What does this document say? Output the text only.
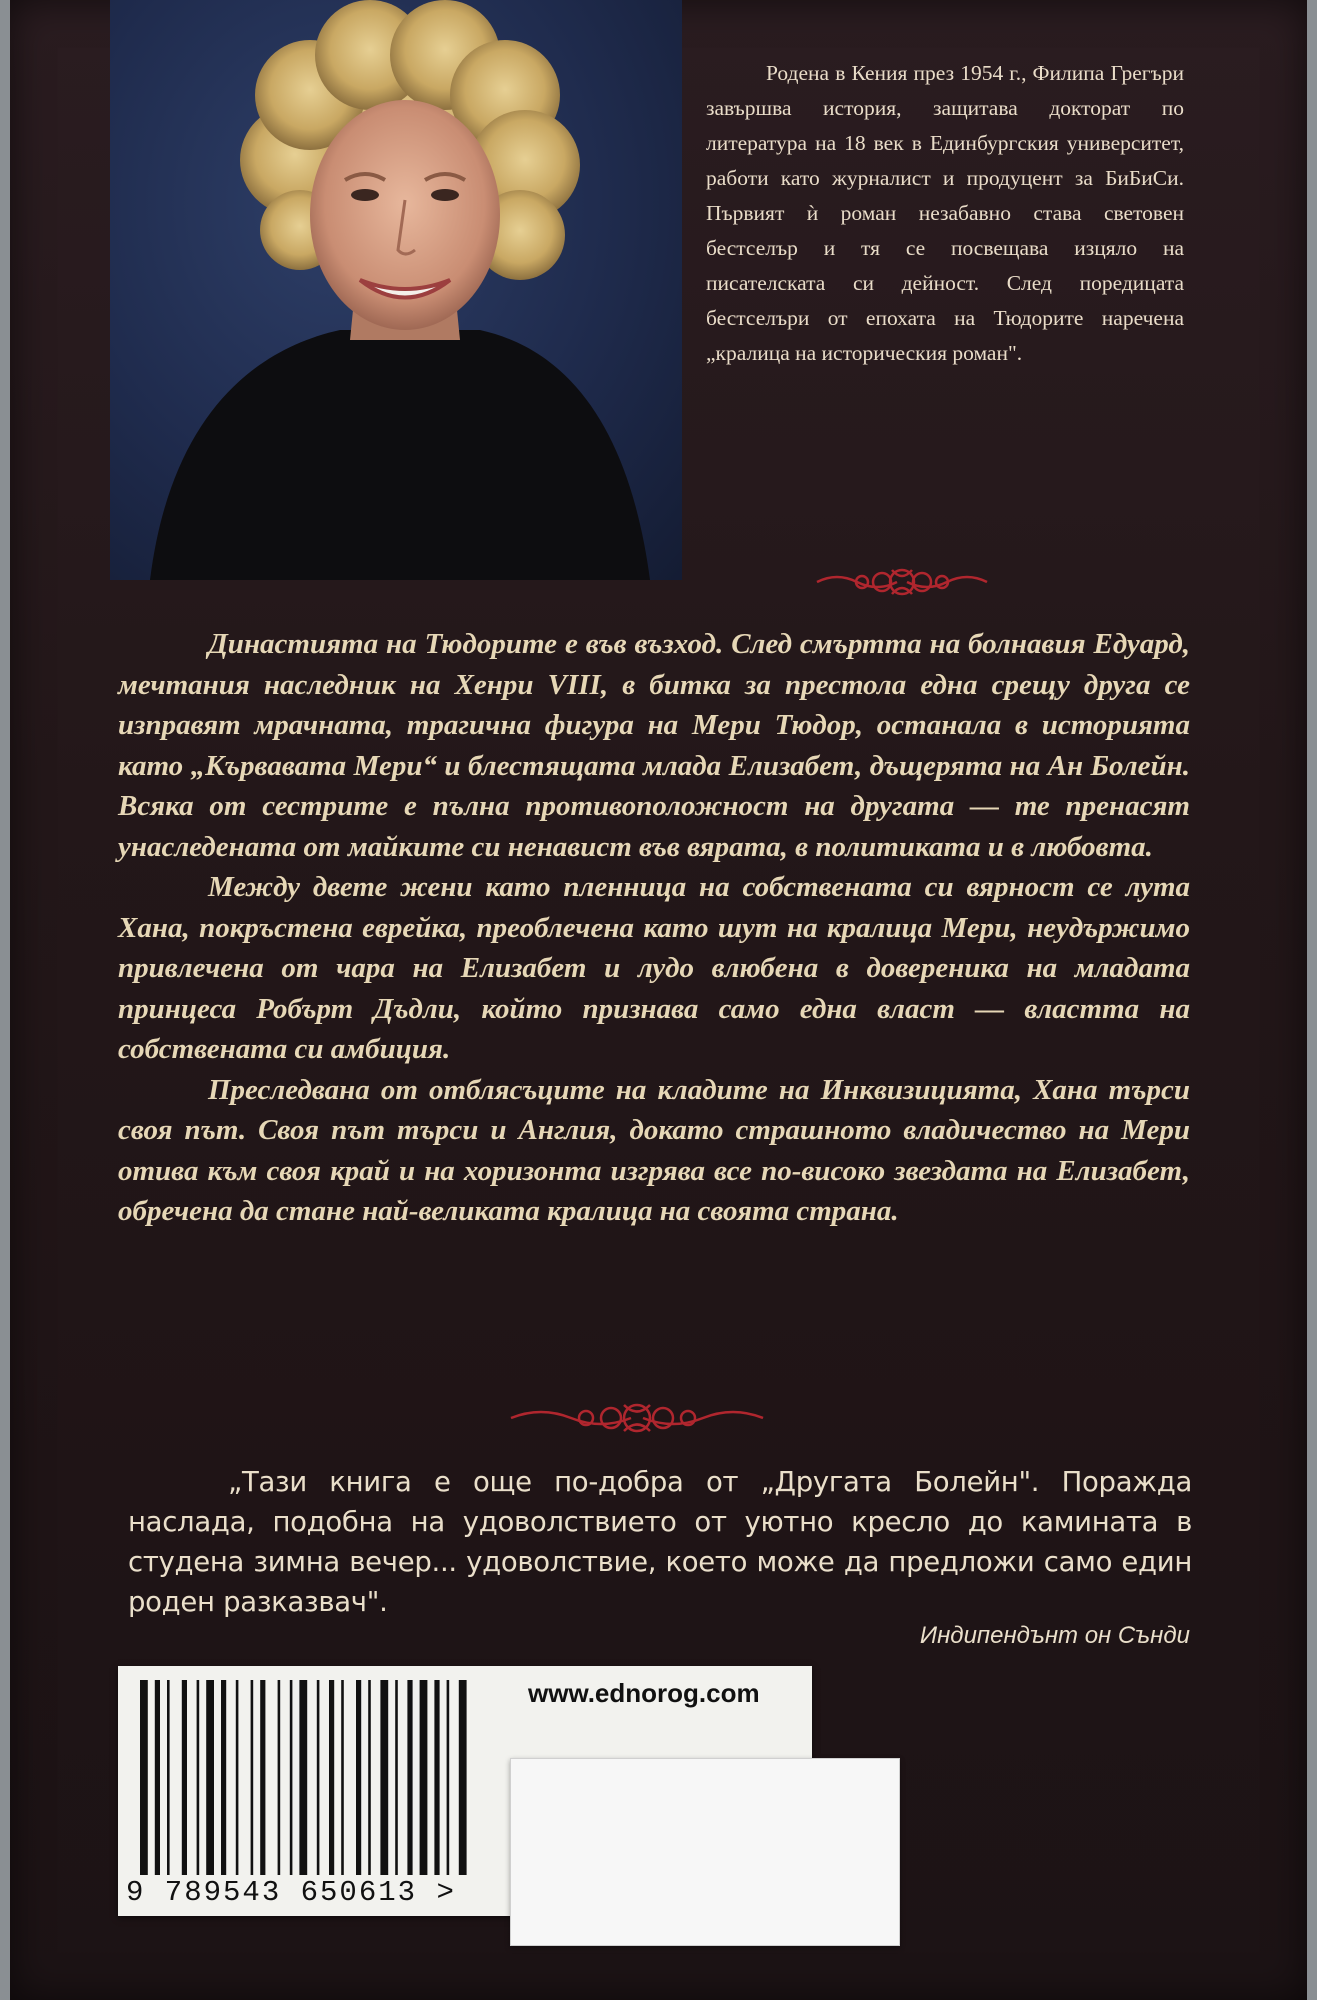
Родена в Кения през 1954 г., Филипа Грегъри завършва история, защитава докторат по литература на 18 век в Единбургския университет, работи като журналист и продуцент за БиБиСи. Първият ѝ роман незабавно става световен бестселър и тя се посвещава изцяло на писателската си дейност. След поредицата бестселъри от епохата на Тюдорите наречена „кралица на историческия роман".

Династията на Тюдорите е във възход. След смъртта на болнавия Едуард, мечтания наследник на Хенри VIII, в битка за престола една срещу друга се изправят мрачната, трагична фигура на Мери Тюдор, останала в историята като „Кървавата Мери“ и блестящата млада Елизабет, дъщерята на Ан Болейн. Всяка от сестрите е пълна противоположност на другата — те пренасят унаследената от майките си ненавист във вярата, в политиката и в любовта.

Между двете жени като пленница на собствената си вярност се лута Хана, покръстена еврейка, преоблечена като шут на кралица Мери, неудържимо привлечена от чара на Елизабет и лудо влюбена в довереника на младата принцеса Робърт Дъдли, който признава само една власт — властта на собствената си амбиция.

Преследвана от отблясъците на кладите на Инквизицията, Хана търси своя път. Своя път търси и Англия, докато страшното владичество на Мери отива към своя край и на хоризонта изгрява все по-високо звездата на Елизабет, обречена да стане най-великата кралица на своята страна.

„Тази книга е още по-добра от „Другата Болейн". Поражда наслада, подобна на удоволствието от уютно кресло до камината в студена зимна вечер... удоволствие, което може да предложи само един роден разказвач".
Индипендънт он Сънди
9 789543 650613 >
www.ednorog.com
